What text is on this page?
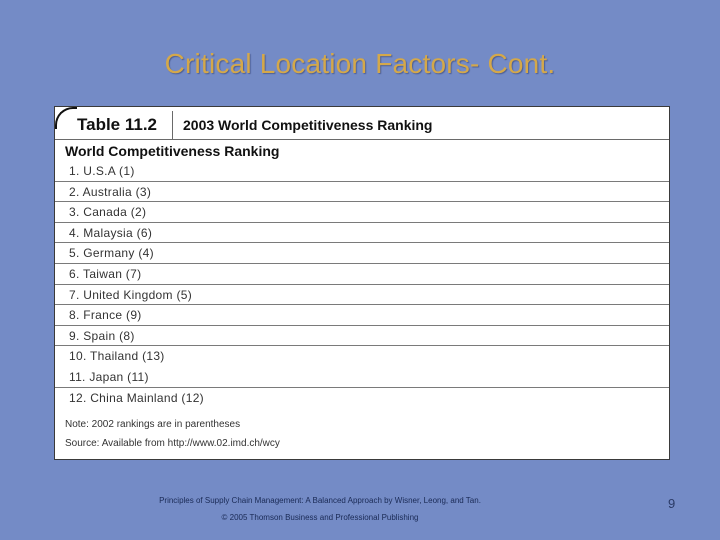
Critical Location Factors- Cont.
Table 11.2	2003 World Competitiveness Ranking
World Competitiveness Ranking
1. U.S.A (1)
2. Australia (3)
3. Canada (2)
4. Malaysia (6)
5. Germany (4)
6. Taiwan (7)
7. United Kingdom (5)
8. France (9)
9. Spain (8)
10. Thailand (13)
11. Japan (11)
12. China Mainland (12)
Note: 2002 rankings are in parentheses
Source: Available from http://www.02.imd.ch/wcy
Principles of Supply Chain Management: A Balanced Approach by Wisner, Leong, and Tan.
© 2005 Thomson Business and Professional Publishing
9
